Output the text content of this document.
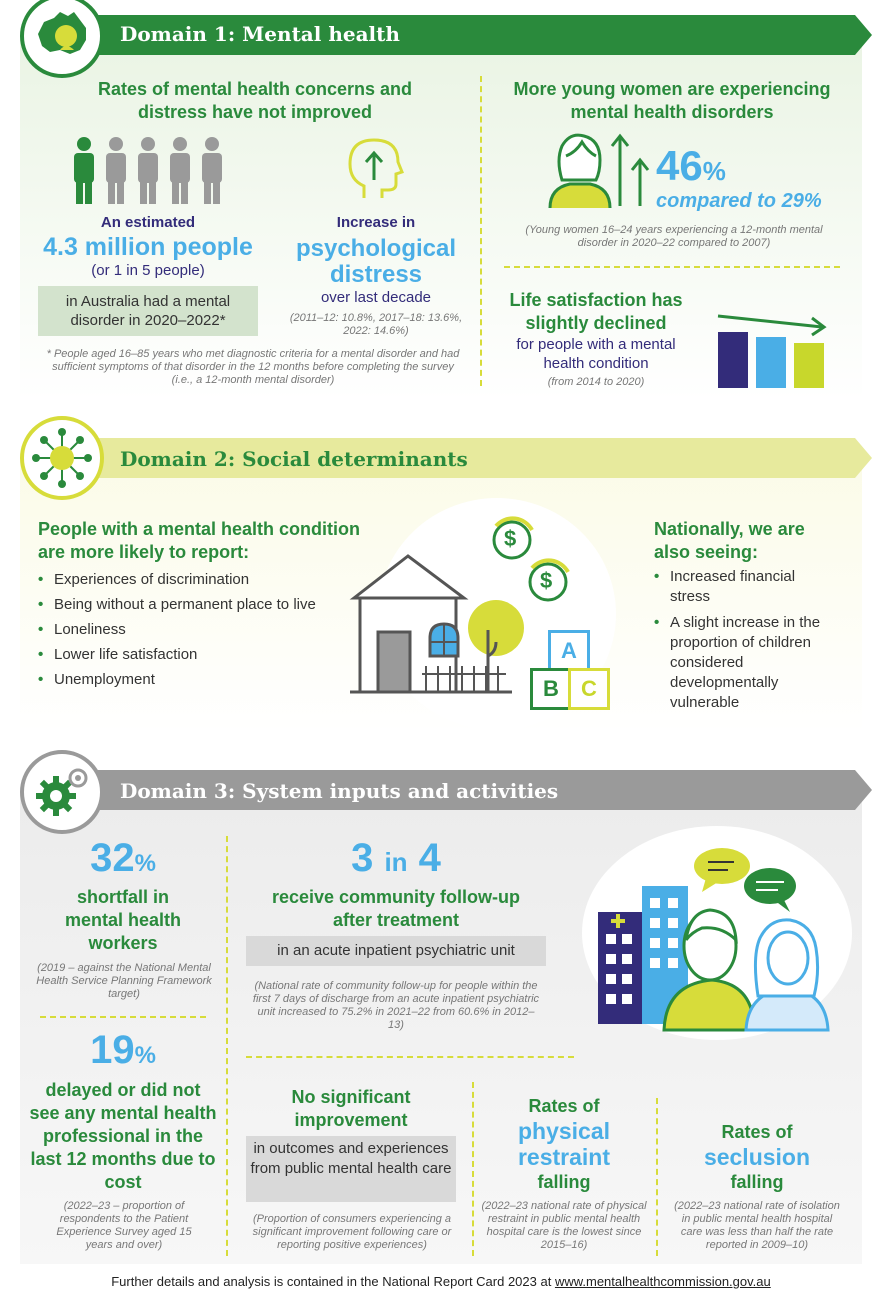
Domain 1: Mental health
Rates of mental health concerns and distress have not improved
An estimated
4.3 million people
(or 1 in 5 people)
in Australia had a mental disorder in 2020–2022*
Increase in
psychological distress
over last decade
(2011–12: 10.8%, 2017–18: 13.6%, 2022: 14.6%)
* People aged 16–85 years who met diagnostic criteria for a mental disorder and had sufficient symptoms of that disorder in the 12 months before completing the survey (i.e., a 12-month mental disorder)
More young women are experiencing mental health disorders
46%
compared to 29%
(Young women 16–24 years experiencing a 12-month mental disorder in 2020–22 compared to 2007)
Life satisfaction has slightly declined
for people with a mental health condition
(from 2014 to 2020)
Domain 2: Social determinants
People with a mental health condition are more likely to report:
• Experiences of discrimination
• Being without a permanent place to live
• Loneliness
• Lower life satisfaction
• Unemployment
$
$
A
B	C
Nationally, we are also seeing:
• Increased financial stress
• A slight increase in the proportion of children considered developmentally vulnerable
Domain 3: System inputs and activities
32%
shortfall in mental health workers
(2019 – against the National Mental Health Service Planning Framework target)
19%
delayed or did not see any mental health professional in the last 12 months due to cost
(2022–23 – proportion of respondents to the Patient Experience Survey aged 15 years and over)
3 in 4
receive community follow-up after treatment
in an acute inpatient psychiatric unit
(National rate of community follow-up for people within the first 7 days of discharge from an acute inpatient psychiatric unit increased to 75.2% in 2021–22 from 60.6% in 2012–13)
No significant improvement
in outcomes and experiences from public mental health care
(Proportion of consumers experiencing a significant improvement following care or reporting positive experiences)
Rates of
physical restraint
falling
(2022–23 national rate of physical restraint in public mental health hospital care is the lowest since 2015–16)
Rates of
seclusion
falling
(2022–23 national rate of isolation in public mental health hospital care was less than half the rate reported in 2009–10)
Further details and analysis is contained in the National Report Card 2023 at www.mentalhealthcommission.gov.au
